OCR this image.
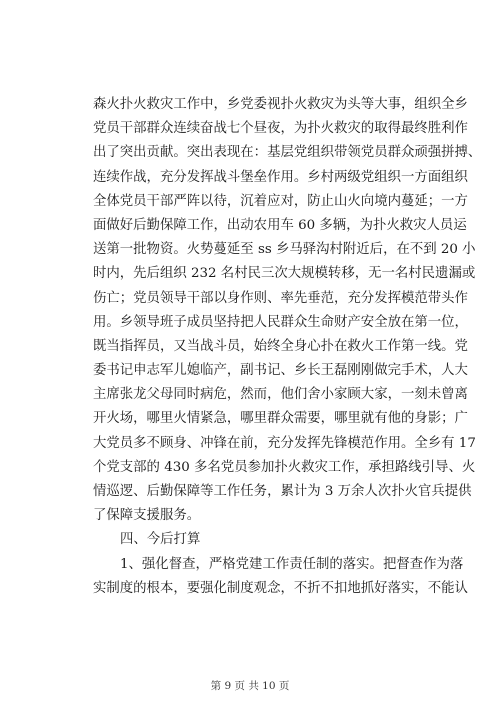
森火扑火救灾工作中，乡党委视扑火救灾为头等大事，组织全乡
党员干部群众连续奋战七个昼夜，为扑火救灾的取得最终胜利作
出了突出贡献。突出表现在：基层党组织带领党员群众顽强拼搏、
连续作战，充分发挥战斗堡垒作用。乡村两级党组织一方面组织
全体党员干部严阵以待，沉着应对，防止山火向境内蔓延；一方
面做好后勤保障工作，出动农用车 60 多辆，为扑火救灾人员运
送第一批物资。火势蔓延至 ss 乡马驿沟村附近后，在不到 20 小
时内，先后组织 232 名村民三次大规模转移，无一名村民遗漏或
伤亡；党员领导干部以身作则、率先垂范，充分发挥模范带头作
用。乡领导班子成员坚持把人民群众生命财产安全放在第一位，
既当指挥员，又当战斗员，始终全身心扑在救火工作第一线。党
委书记申志军儿媳临产，副书记、乡长王磊刚刚做完手术，人大
主席张龙父母同时病危，然而，他们舍小家顾大家，一刻未曾离
开火场，哪里火情紧急，哪里群众需要，哪里就有他的身影；广
大党员多不顾身、冲锋在前，充分发挥先锋模范作用。全乡有 17
个党支部的 430 多名党员参加扑火救灾工作，承担路线引导、火
情巡逻、后勤保障等工作任务，累计为 3 万余人次扑火官兵提供
了保障支援服务。
四、今后打算
1、强化督查，严格党建工作责任制的落实。把督查作为落
实制度的根本，要强化制度观念，不折不扣地抓好落实，不能认
第 9 页 共 10 页
